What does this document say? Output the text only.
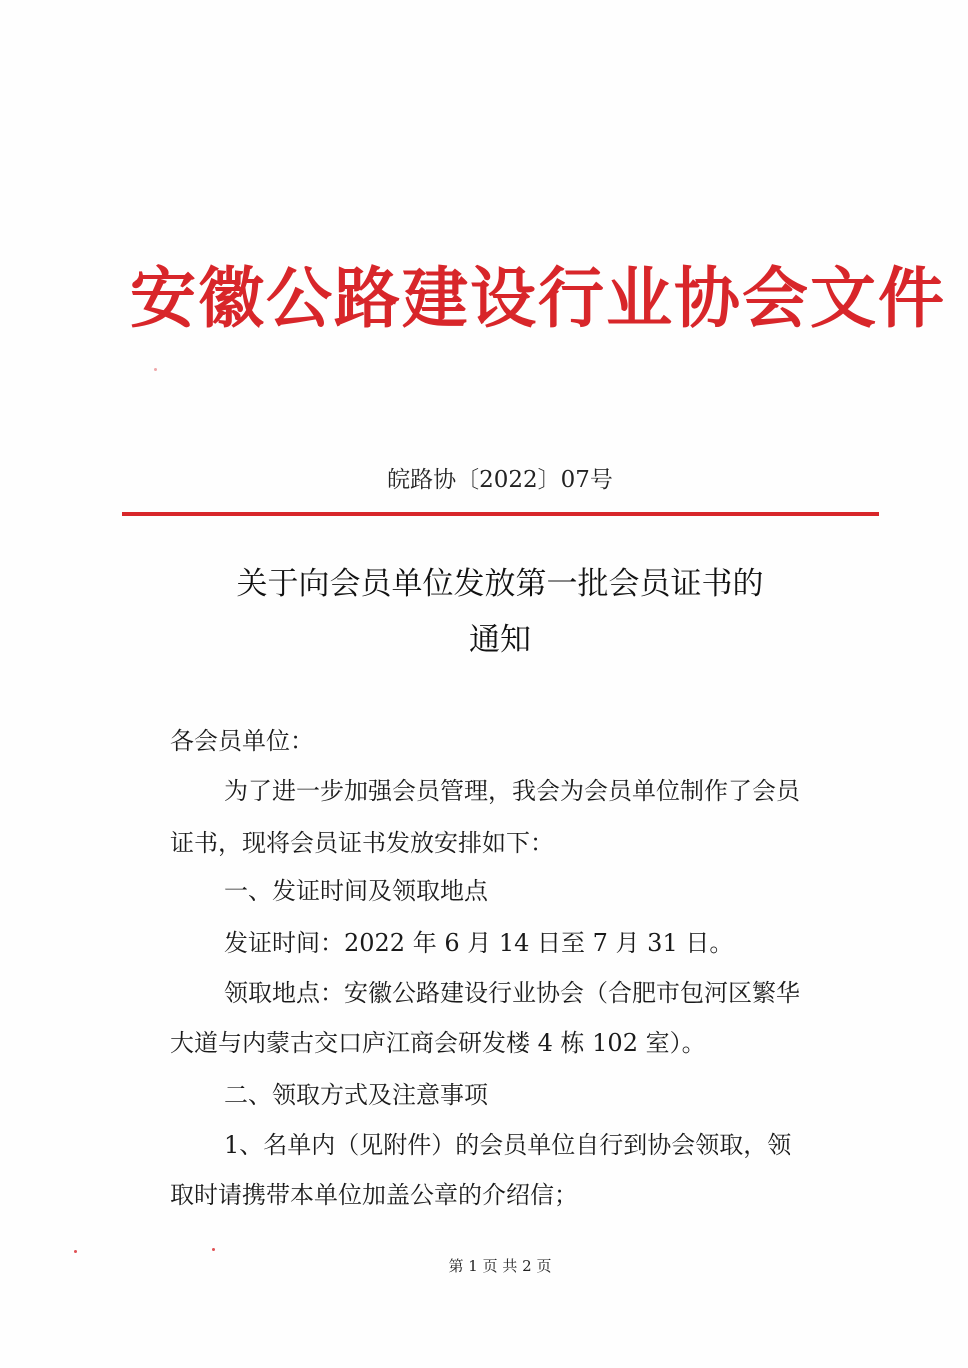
安徽公路建设行业协会文件
皖路协〔2022〕07号
关于向会员单位发放第一批会员证书的
通知
各会员单位：
为了进一步加强会员管理，我会为会员单位制作了会员
证书，现将会员证书发放安排如下：
一、发证时间及领取地点
发证时间：2022 年 6 月 14 日至 7 月 31 日。
领取地点：安徽公路建设行业协会（合肥市包河区繁华
大道与内蒙古交口庐江商会研发楼 4 栋 102 室）。
二、领取方式及注意事项
1、名单内（见附件）的会员单位自行到协会领取，领
取时请携带本单位加盖公章的介绍信；
第 1 页 共 2 页
